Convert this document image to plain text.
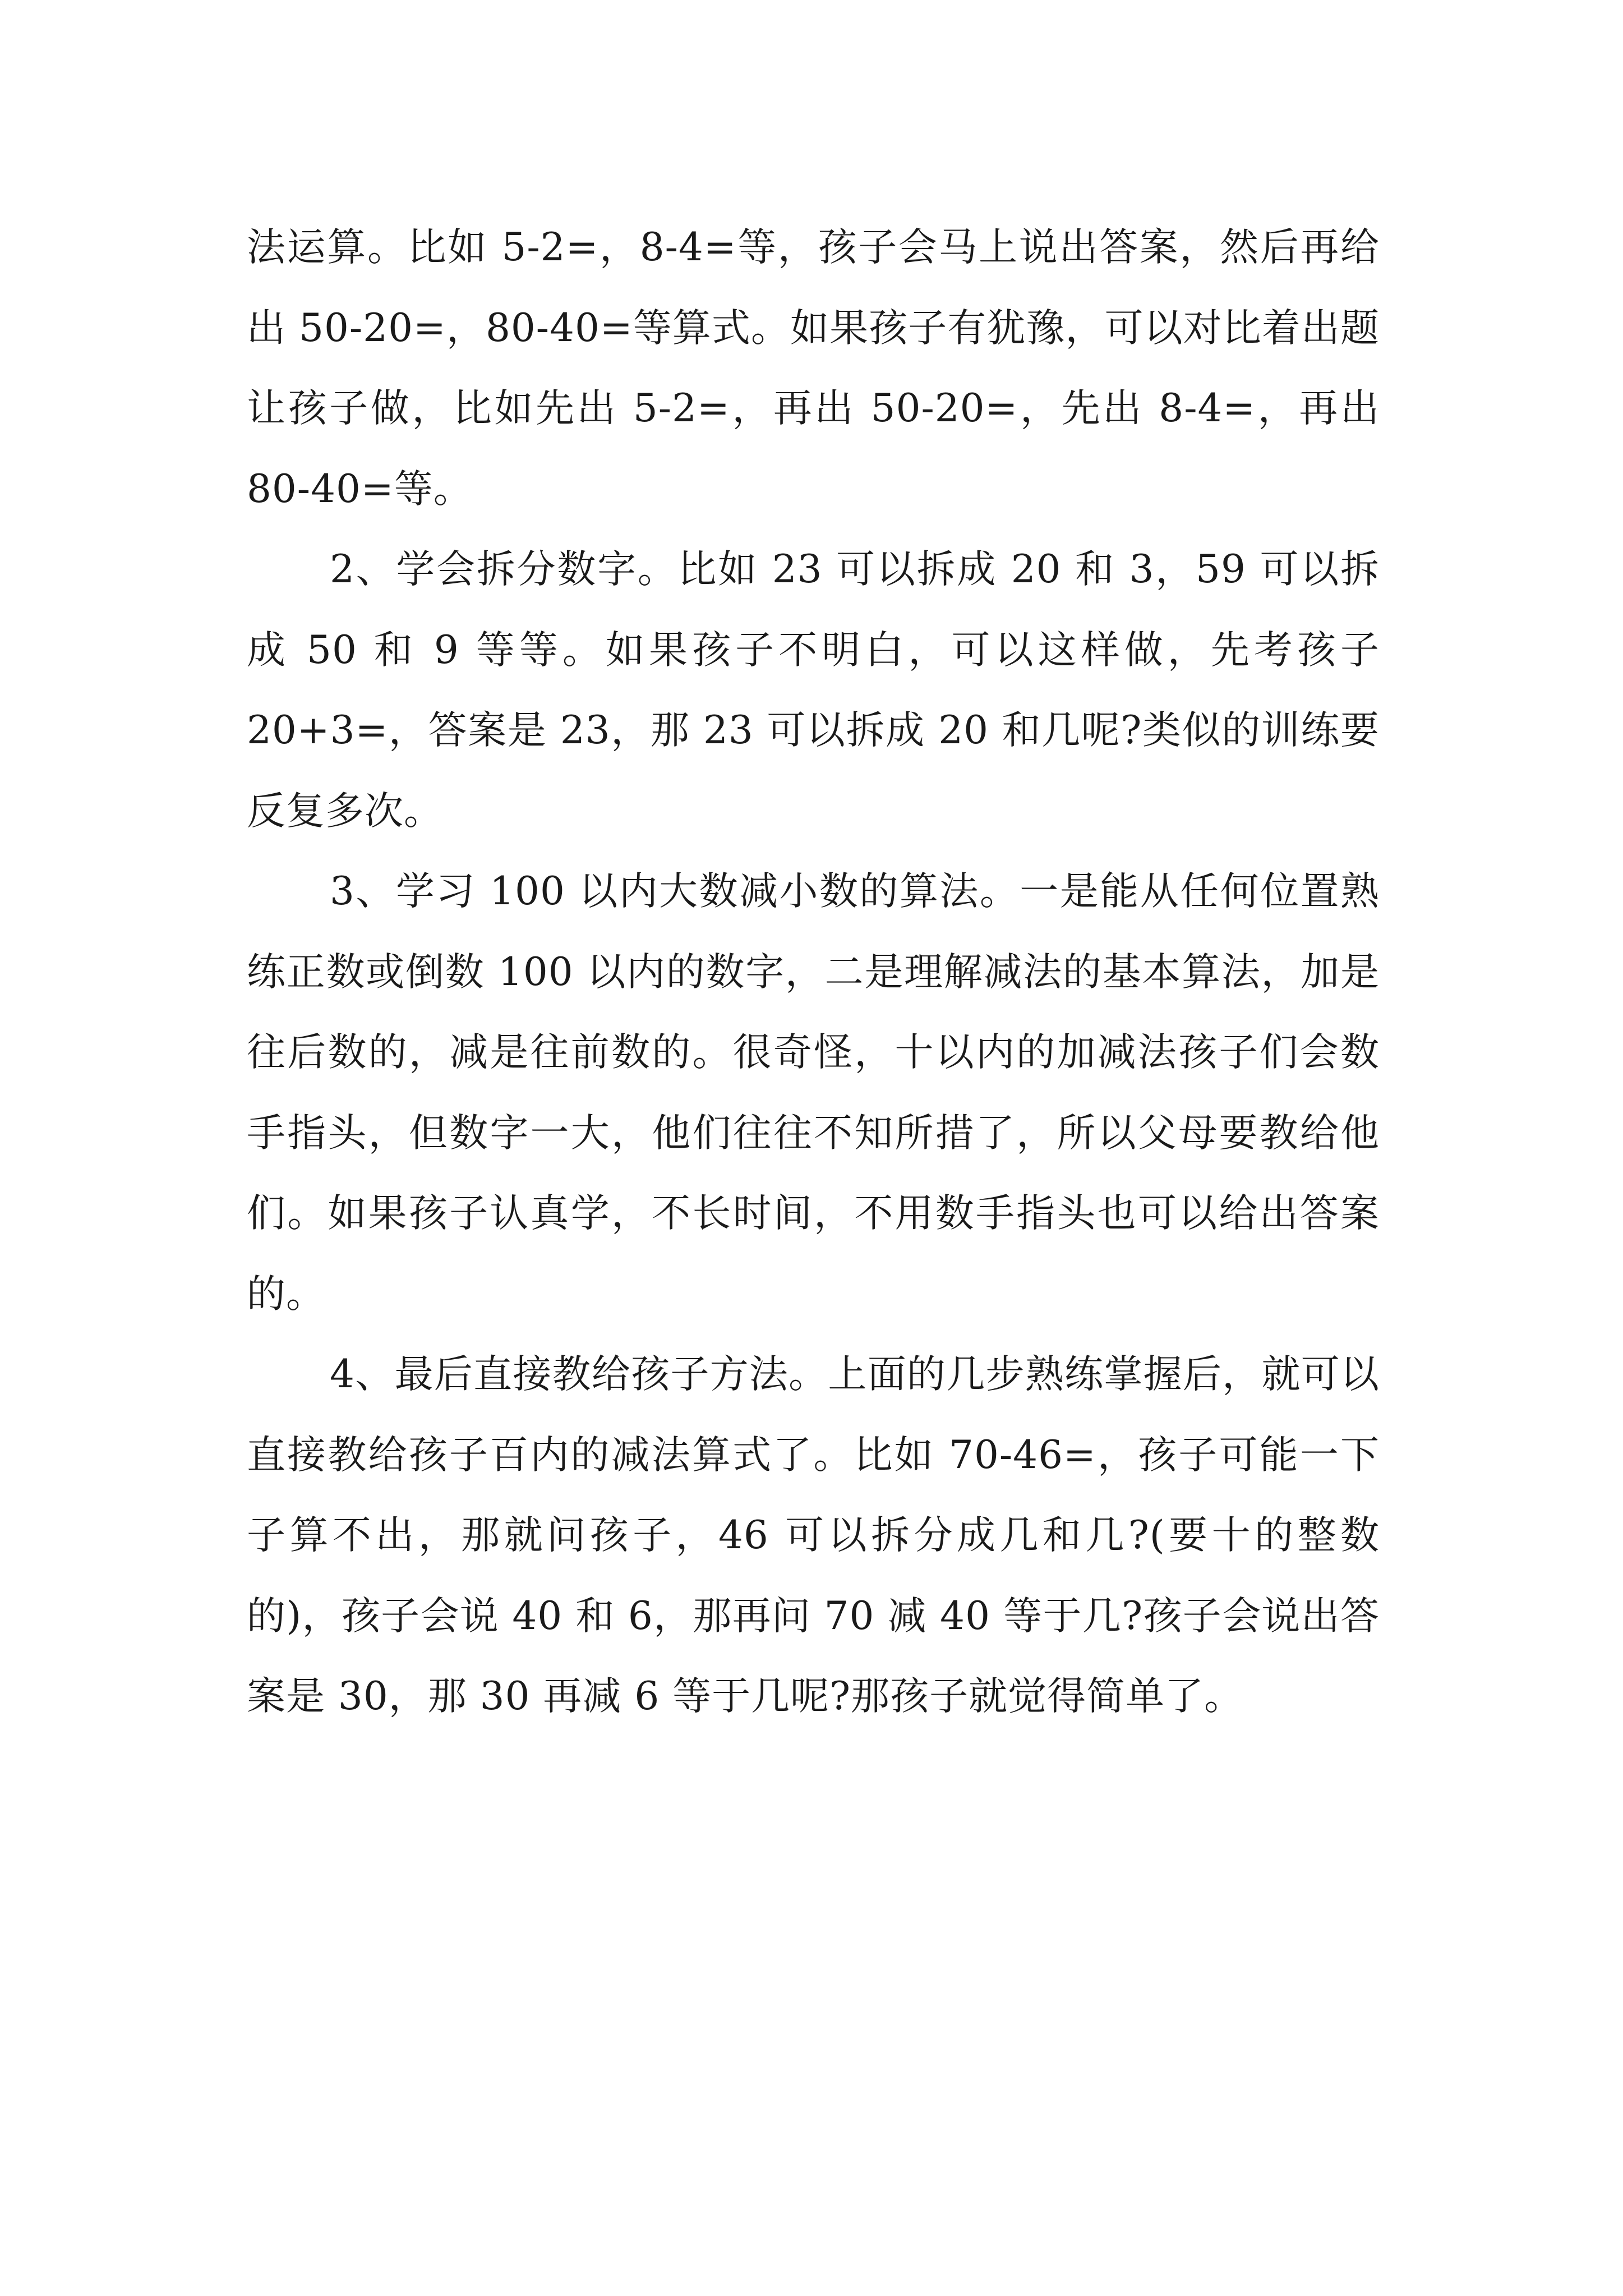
法运算。比如 5-2=，8-4=等，孩子会马上说出答案，然后再给出 50-20=，80-40=等算式。如果孩子有犹豫，可以对比着出题让孩子做，比如先出 5-2=，再出 50-20=，先出 8-4=，再出 80-40=等。

2、学会拆分数字。比如 23 可以拆成 20 和 3，59 可以拆成 50 和 9 等等。如果孩子不明白，可以这样做，先考孩子 20+3=，答案是 23，那 23 可以拆成 20 和几呢?类似的训练要反复多次。

3、学习 100 以内大数减小数的算法。一是能从任何位置熟练正数或倒数 100 以内的数字，二是理解减法的基本算法，加是往后数的，减是往前数的。很奇怪，十以内的加减法孩子们会数手指头，但数字一大，他们往往不知所措了，所以父母要教给他们。如果孩子认真学，不长时间，不用数手指头也可以给出答案的。

4、最后直接教给孩子方法。上面的几步熟练掌握后，就可以直接教给孩子百内的减法算式了。比如 70-46=，孩子可能一下子算不出，那就问孩子，46 可以拆分成几和几?(要十的整数的)，孩子会说 40 和 6，那再问 70 减 40 等于几?孩子会说出答案是 30，那 30 再减 6 等于几呢?那孩子就觉得简单了。
